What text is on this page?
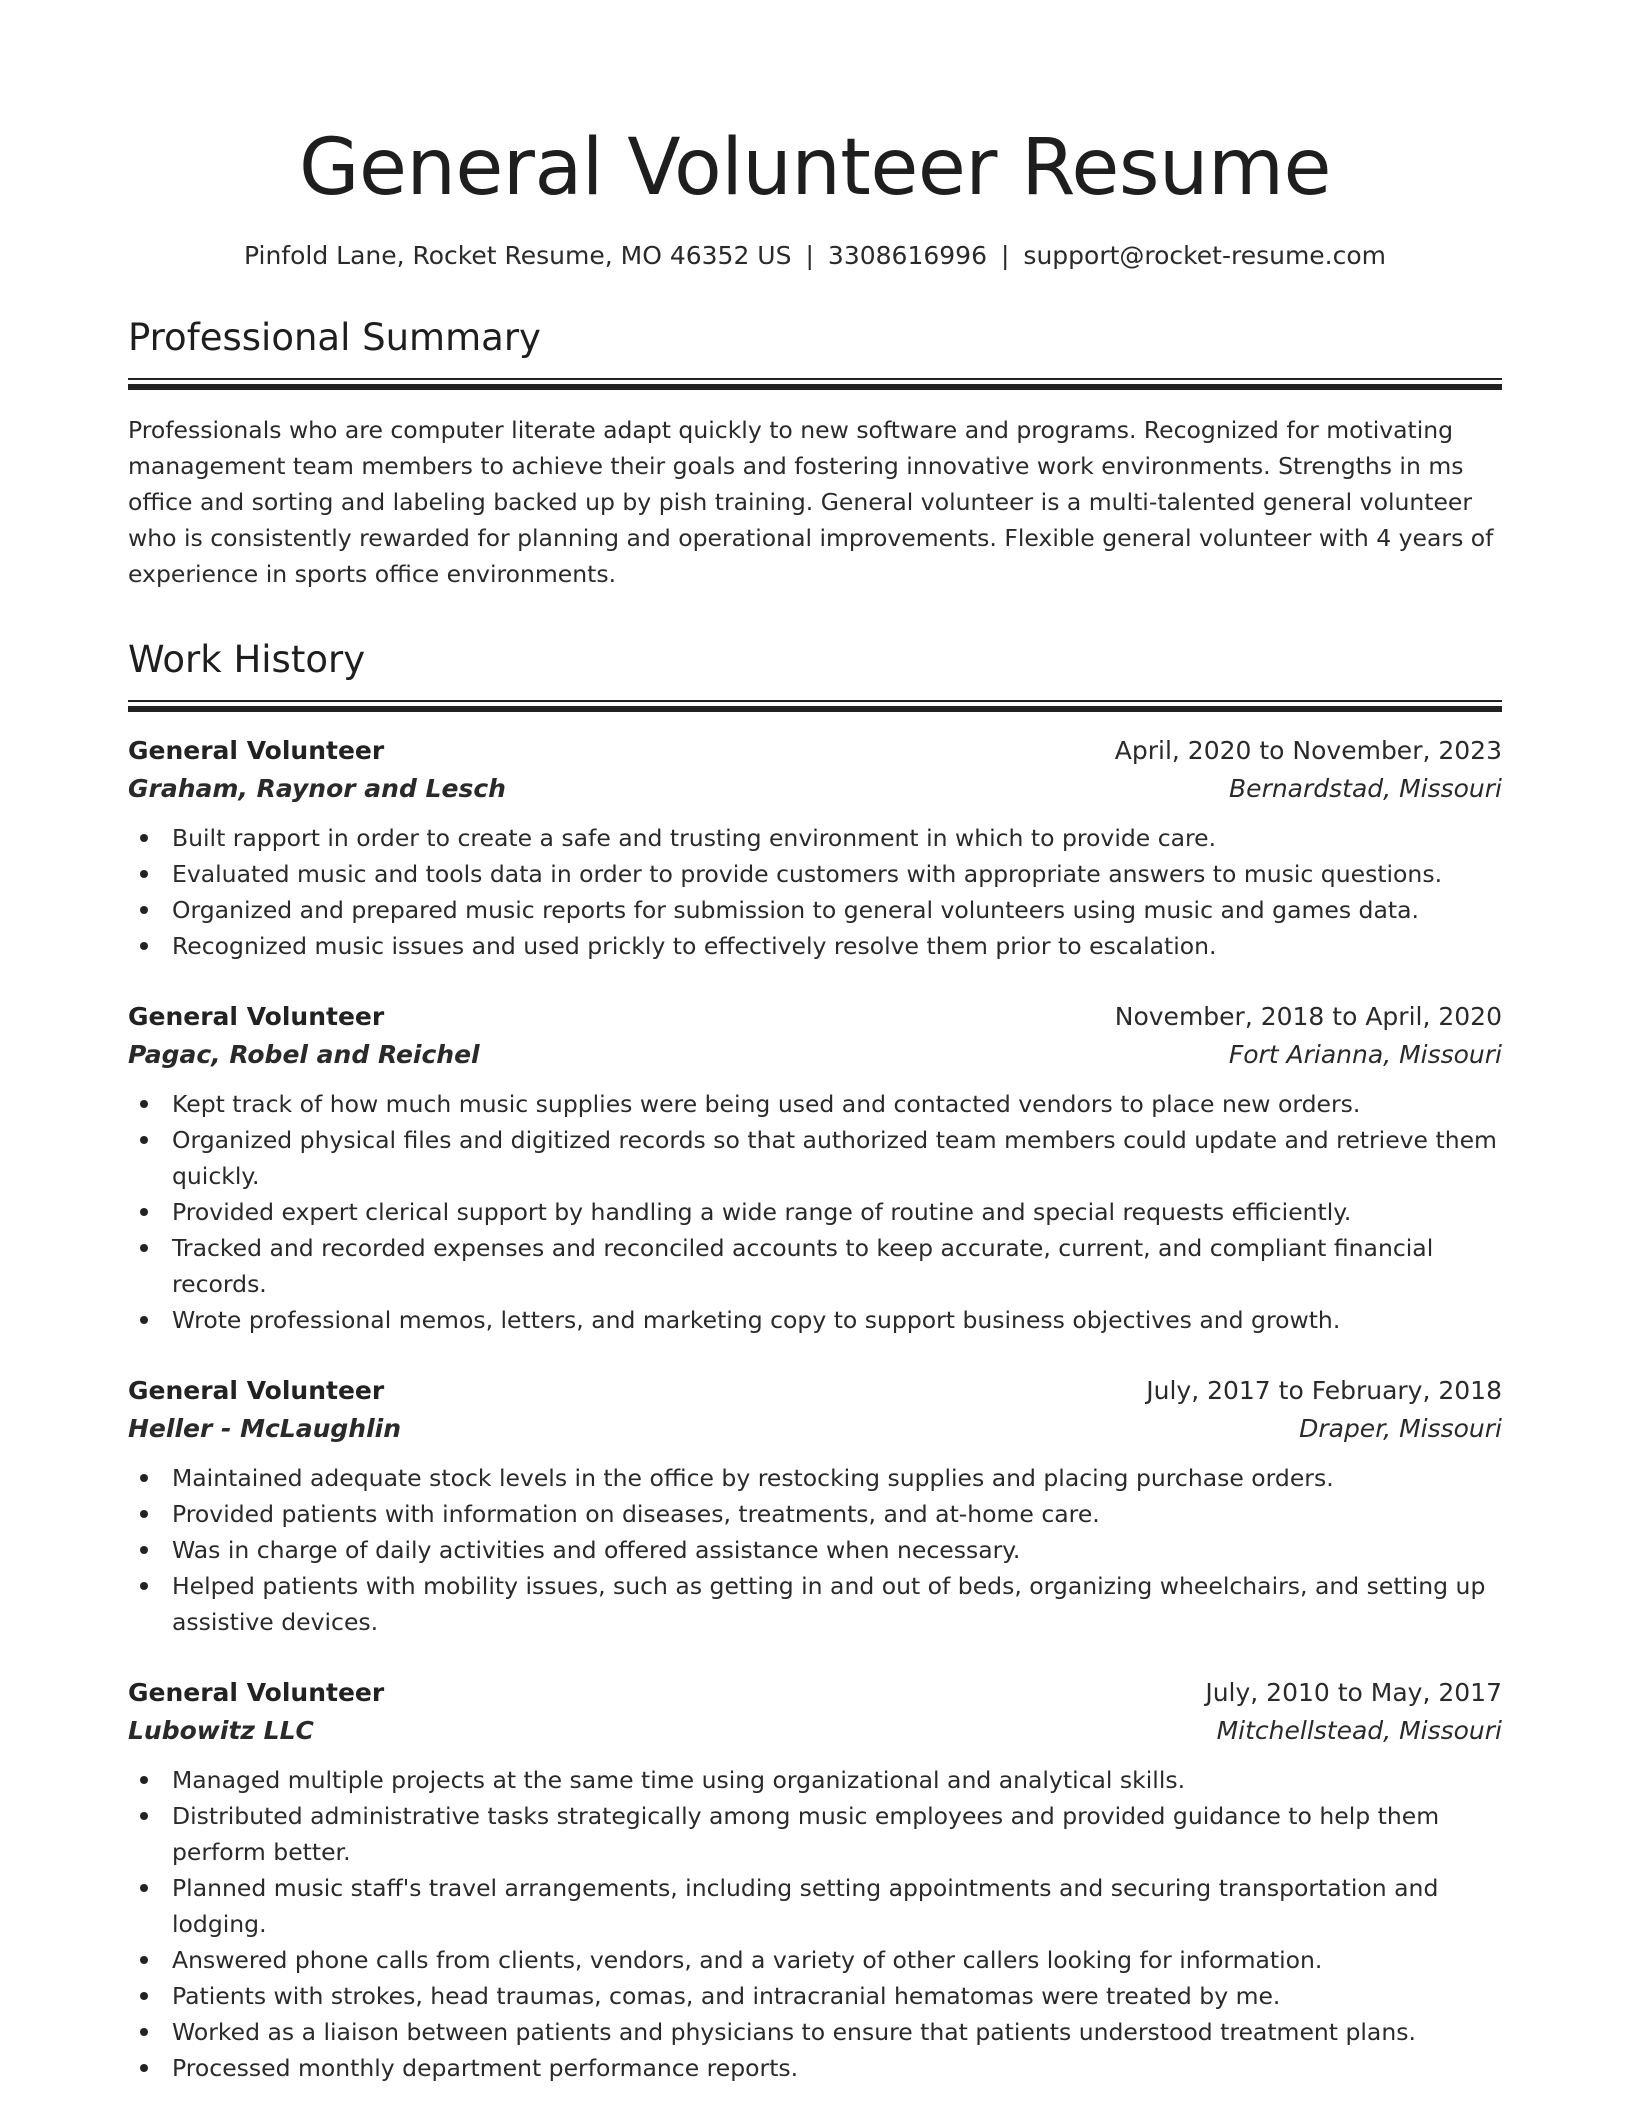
General Volunteer Resume
Pinfold Lane, Rocket Resume, MO 46352 US | 3308616996 | support@rocket-resume.com
Professional Summary

Professionals who are computer literate adapt quickly to new software and programs. Recognized for motivating management team members to achieve their goals and fostering innovative work environments. Strengths in ms office and sorting and labeling backed up by pish training. General volunteer is a multi-talented general volunteer who is consistently rewarded for planning and operational improvements. Flexible general volunteer with 4 years of experience in sports office environments.

Work History
General Volunteer	April, 2020 to November, 2023
Graham, Raynor and Lesch	Bernardstad, Missouri
Built rapport in order to create a safe and trusting environment in which to provide care.
Evaluated music and tools data in order to provide customers with appropriate answers to music questions.
Organized and prepared music reports for submission to general volunteers using music and games data.
Recognized music issues and used prickly to effectively resolve them prior to escalation.
General Volunteer	November, 2018 to April, 2020
Pagac, Robel and Reichel	Fort Arianna, Missouri
Kept track of how much music supplies were being used and contacted vendors to place new orders.
Organized physical files and digitized records so that authorized team members could update and retrieve them quickly.
Provided expert clerical support by handling a wide range of routine and special requests efficiently.
Tracked and recorded expenses and reconciled accounts to keep accurate, current, and compliant financial records.
Wrote professional memos, letters, and marketing copy to support business objectives and growth.
General Volunteer	July, 2017 to February, 2018
Heller - McLaughlin	Draper, Missouri
Maintained adequate stock levels in the office by restocking supplies and placing purchase orders.
Provided patients with information on diseases, treatments, and at-home care.
Was in charge of daily activities and offered assistance when necessary.
Helped patients with mobility issues, such as getting in and out of beds, organizing wheelchairs, and setting up assistive devices.
General Volunteer	July, 2010 to May, 2017
Lubowitz LLC	Mitchellstead, Missouri
Managed multiple projects at the same time using organizational and analytical skills.
Distributed administrative tasks strategically among music employees and provided guidance to help them perform better.
Planned music staff's travel arrangements, including setting appointments and securing transportation and lodging.
Answered phone calls from clients, vendors, and a variety of other callers looking for information.
Patients with strokes, head traumas, comas, and intracranial hematomas were treated by me.
Worked as a liaison between patients and physicians to ensure that patients understood treatment plans.
Processed monthly department performance reports.
